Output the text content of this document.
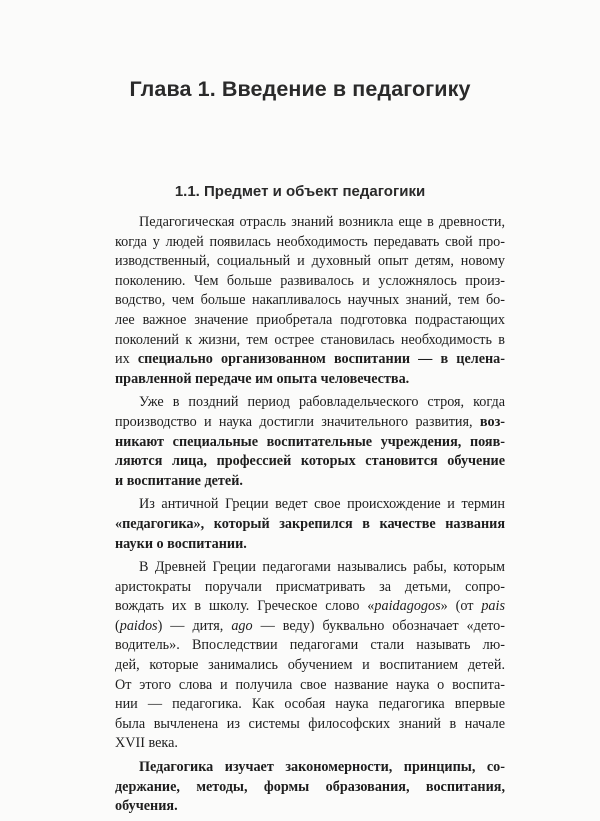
Глава 1. Введение в педагогику
1.1. Предмет и объект педагогики
Педагогическая отрасль знаний возникла еще в древности,
когда у людей появилась необходимость передавать свой про-
изводственный, социальный и духовный опыт детям, новому
поколению. Чем больше развивалось и усложнялось произ-
водство, чем больше накапливалось научных знаний, тем бо-
лее важное значение приобретала подготовка подрастающих
поколений к жизни, тем острее становилась необходимость в
их специально организованном воспитании — в целена-
правленной передаче им опыта человечества.
Уже в поздний период рабовладельческого строя, когда
производство и наука достигли значительного развития, воз-
никают специальные воспитательные учреждения, появ-
ляются лица, профессией которых становится обучение
и воспитание детей.
Из античной Греции ведет свое происхождение и термин
«педагогика», который закрепился в качестве названия
науки о воспитании.
В Древней Греции педагогами назывались рабы, которым
аристократы поручали присматривать за детьми, сопро-
вождать их в школу. Греческое слово «paidagogos» (от pais
(paidos) — дитя, ago — веду) буквально обозначает «дето-
водитель». Впоследствии педагогами стали называть лю-
дей, которые занимались обучением и воспитанием детей.
От этого слова и получила свое название наука о воспита-
нии — педагогика. Как особая наука педагогика впервые
была вычленена из системы философских знаний в начале
XVII века.
Педагогика изучает закономерности, принципы, со-
держание, методы, формы образования, воспитания,
обучения.
